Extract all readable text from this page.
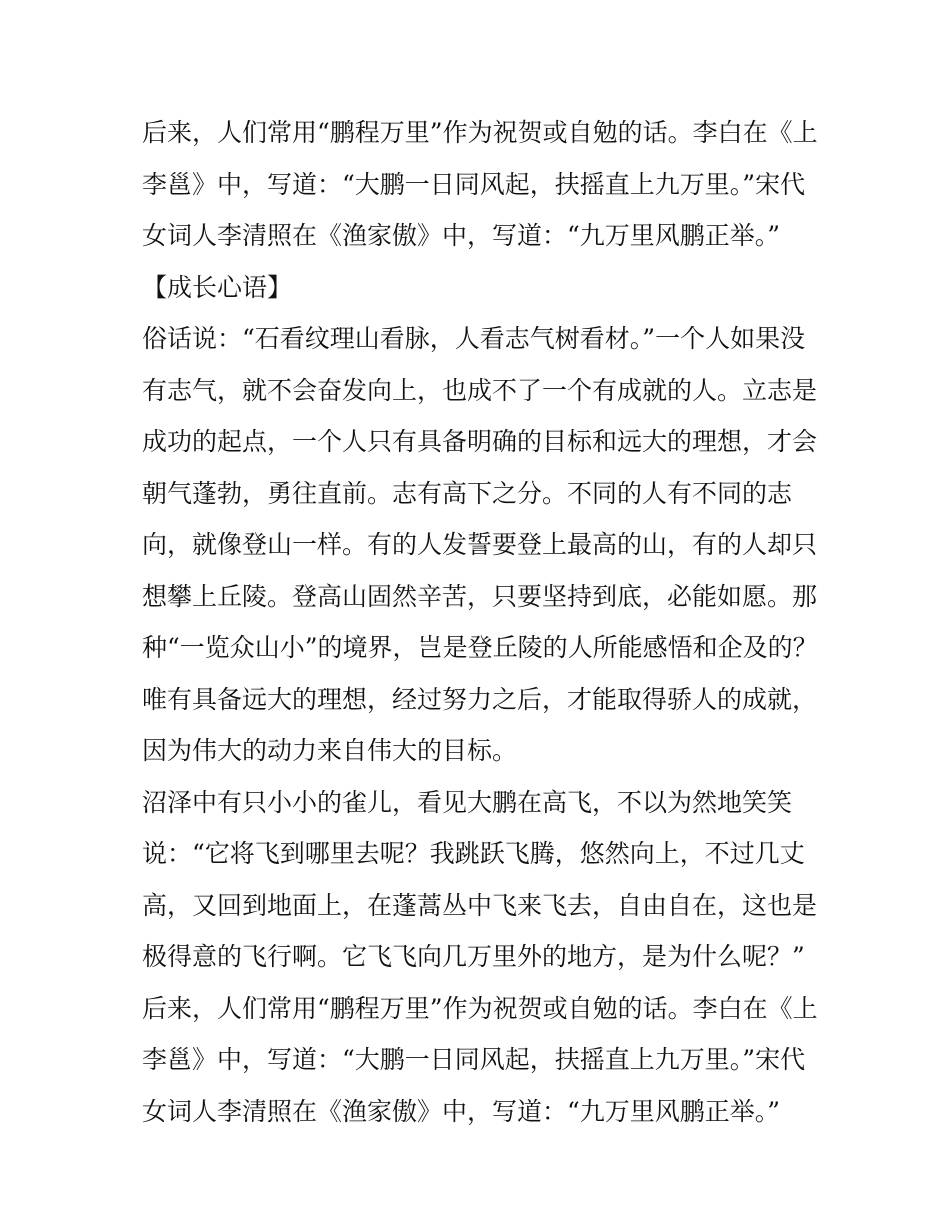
后来，人们常用“鹏程万里”作为祝贺或自勉的话。李白在《上
李邕》中，写道：“大鹏一日同风起，扶摇直上九万里。”宋代
女词人李清照在《渔家傲》中，写道：“九万里风鹏正举。”
【成长心语】
俗话说：“石看纹理山看脉，人看志气树看材。”一个人如果没
有志气，就不会奋发向上，也成不了一个有成就的人。立志是
成功的起点，一个人只有具备明确的目标和远大的理想，才会
朝气蓬勃，勇往直前。志有高下之分。不同的人有不同的志
向，就像登山一样。有的人发誓要登上最高的山，有的人却只
想攀上丘陵。登高山固然辛苦，只要坚持到底，必能如愿。那
种“一览众山小”的境界，岂是登丘陵的人所能感悟和企及的？
唯有具备远大的理想，经过努力之后，才能取得骄人的成就，
因为伟大的动力来自伟大的目标。
沼泽中有只小小的雀儿，看见大鹏在高飞，不以为然地笑笑
说：“它将飞到哪里去呢？我跳跃飞腾，悠然向上，不过几丈
高，又回到地面上，在蓬蒿丛中飞来飞去，自由自在，这也是
极得意的飞行啊。它飞飞向几万里外的地方，是为什么呢？”
后来，人们常用“鹏程万里”作为祝贺或自勉的话。李白在《上
李邕》中，写道：“大鹏一日同风起，扶摇直上九万里。”宋代
女词人李清照在《渔家傲》中，写道：“九万里风鹏正举。”
